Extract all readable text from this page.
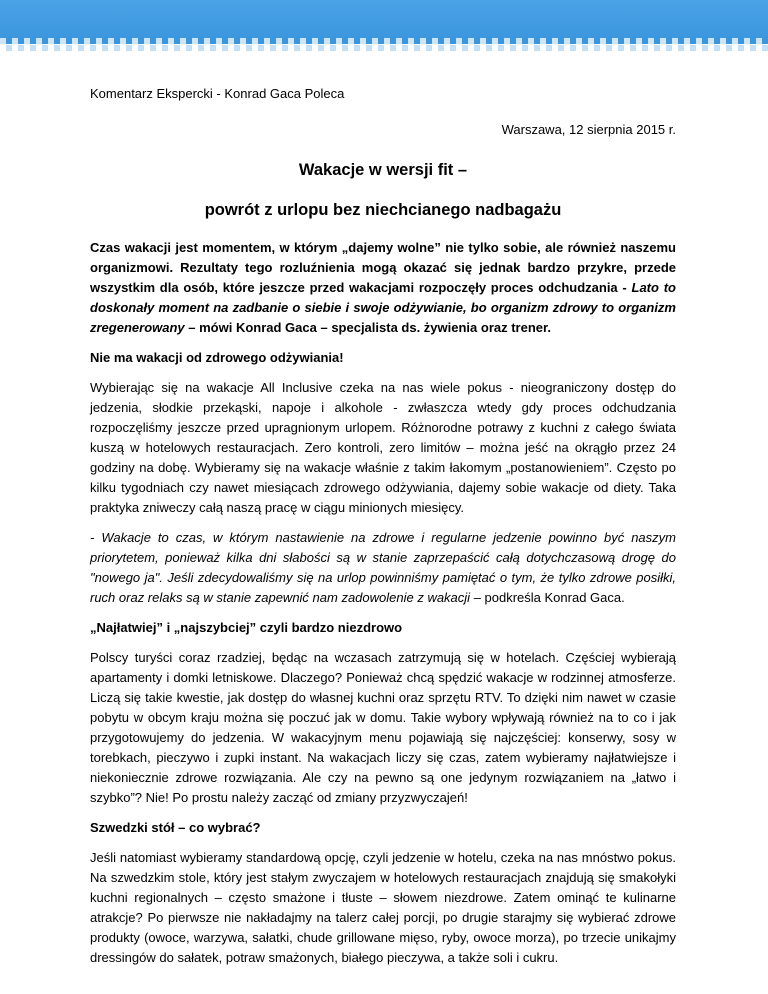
Komentarz Ekspercki - Konrad Gaca Poleca

Warszawa, 12 sierpnia 2015 r.

Wakacje w wersji fit –

powrót z urlopu bez niechcianego nadbagażu

Czas wakacji jest momentem, w którym „dajemy wolne” nie tylko sobie, ale również naszemu organizmowi. Rezultaty tego rozluźnienia mogą okazać się jednak bardzo przykre, przede wszystkim dla osób, które jeszcze przed wakacjami rozpoczęły proces odchudzania - Lato to doskonały moment na zadbanie o siebie i swoje odżywianie, bo organizm zdrowy to organizm zregenerowany – mówi Konrad Gaca – specjalista ds. żywienia oraz trener.

Nie ma wakacji od zdrowego odżywiania!

Wybierając się na wakacje All Inclusive czeka na nas wiele pokus - nieograniczony dostęp do jedzenia, słodkie przekąski, napoje i alkohole - zwłaszcza wtedy gdy proces odchudzania rozpoczęliśmy jeszcze przed upragnionym urlopem. Różnorodne potrawy z kuchni z całego świata kuszą w hotelowych restauracjach. Zero kontroli, zero limitów – można jeść na okrągło przez 24 godziny na dobę. Wybieramy się na wakacje właśnie z takim łakomym „postanowieniem”. Często po kilku tygodniach czy nawet miesiącach zdrowego odżywiania, dajemy sobie wakacje od diety. Taka praktyka zniweczy całą naszą pracę w ciągu minionych miesięcy.

- Wakacje to czas, w którym nastawienie na zdrowe i regularne jedzenie powinno być naszym priorytetem, ponieważ kilka dni słabości są w stanie zaprzepaścić całą dotychczasową drogę do "nowego ja". Jeśli zdecydowaliśmy się na urlop powinniśmy pamiętać o tym, że tylko zdrowe posiłki, ruch oraz relaks są w stanie zapewnić nam zadowolenie z wakacji – podkreśla Konrad Gaca.

„Najłatwiej” i „najszybciej” czyli bardzo niezdrowo

Polscy turyści coraz rzadziej, będąc na wczasach zatrzymują się w hotelach. Częściej wybierają apartamenty i domki letniskowe. Dlaczego? Ponieważ chcą spędzić wakacje w rodzinnej atmosferze. Liczą się takie kwestie, jak dostęp do własnej kuchni oraz sprzętu RTV. To dzięki nim nawet w czasie pobytu w obcym kraju można się poczuć jak w domu. Takie wybory wpływają również na to co i jak przygotowujemy do jedzenia. W wakacyjnym menu pojawiają się najczęściej: konserwy, sosy w torebkach, pieczywo i zupki instant. Na wakacjach liczy się czas, zatem wybieramy najłatwiejsze i niekoniecznie zdrowe rozwiązania. Ale czy na pewno są one jedynym rozwiązaniem na „łatwo i szybko”? Nie! Po prostu należy zacząć od zmiany przyzwyczajeń!

Szwedzki stół – co wybrać?

Jeśli natomiast wybieramy standardową opcję, czyli jedzenie w hotelu, czeka na nas mnóstwo pokus. Na szwedzkim stole, który jest stałym zwyczajem w hotelowych restauracjach znajdują się smakołyki kuchni regionalnych – często smażone i tłuste – słowem niezdrowe. Zatem ominąć te kulinarne atrakcje? Po pierwsze nie nakładajmy na talerz całej porcji, po drugie starajmy się wybierać zdrowe produkty (owoce, warzywa, sałatki, chude grillowane mięso, ryby, owoce morza), po trzecie unikajmy dressingów do sałatek, potraw smażonych, białego pieczywa, a także soli i cukru.
